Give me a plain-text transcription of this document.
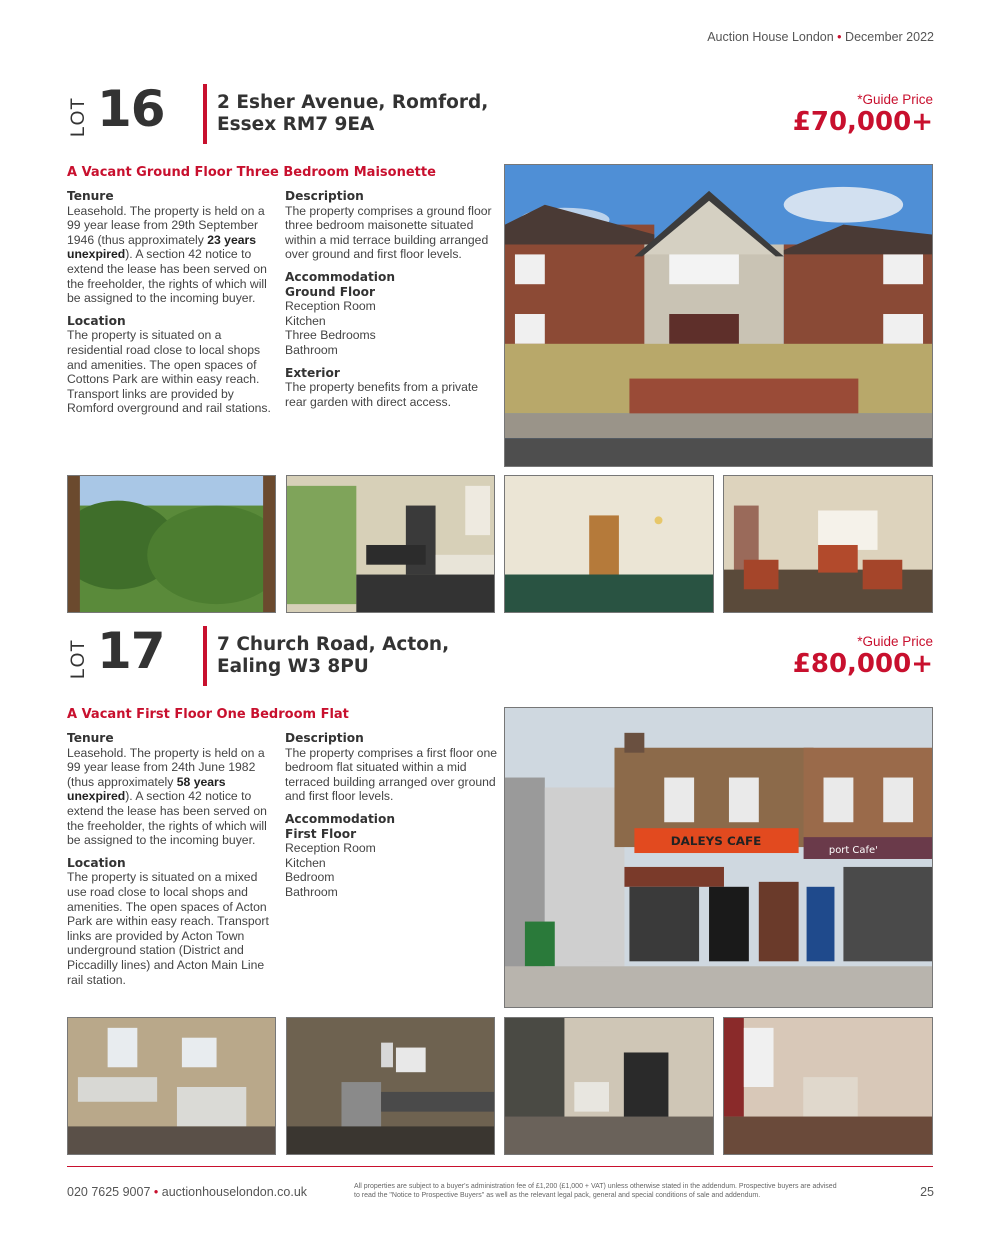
Auction House London • December 2022
LOT 16	2 Esher Avenue, Romford,
Essex RM7 9EA
*Guide Price
£70,000+
A Vacant Ground Floor Three Bedroom Maisonette
Tenure

Leasehold. The property is held on a 99 year lease from 29th September 1946 (thus approximately 23 years unexpired). A section 42 notice to extend the lease has been served on the freeholder, the rights of which will be assigned to the incoming buyer.

Location

The property is situated on a residential road close to local shops and amenities. The open spaces of Cottons Park are within easy reach. Transport links are provided by Romford overground and rail stations.

Description

The property comprises a ground floor three bedroom maisonette situated within a mid terrace building arranged over ground and first floor levels.

Accommodation

Ground Floor

Reception Room

Kitchen

Three Bedrooms

Bathroom

Exterior

The property benefits from a private rear garden with direct access.

LOT 17	7 Church Road, Acton,
Ealing W3 8PU
*Guide Price
£80,000+
A Vacant First Floor One Bedroom Flat
Tenure

Leasehold. The property is held on a 99 year lease from 24th June 1982 (thus approximately 58 years unexpired). A section 42 notice to extend the lease has been served on the freeholder, the rights of which will be assigned to the incoming buyer.

Location

The property is situated on a mixed use road close to local shops and amenities. The open spaces of Acton Park are within easy reach. Transport links are provided by Acton Town underground station (District and Piccadilly lines) and Acton Main Line rail station.

Description

The property comprises a first floor one bedroom flat situated within a mid terraced building arranged over ground and first floor levels.

Accommodation

First Floor

Reception Room

Kitchen

Bedroom

Bathroom

DALEYS CAFE
port Cafe'
020 7625 9007 • auctionhouselondon.co.uk	All properties are subject to a buyer's administration fee of £1,200 (£1,000 + VAT) unless otherwise stated in the addendum. Prospective buyers are advised to read the "Notice to Prospective Buyers" as well as the relevant legal pack, general and special conditions of sale and addendum.	25
